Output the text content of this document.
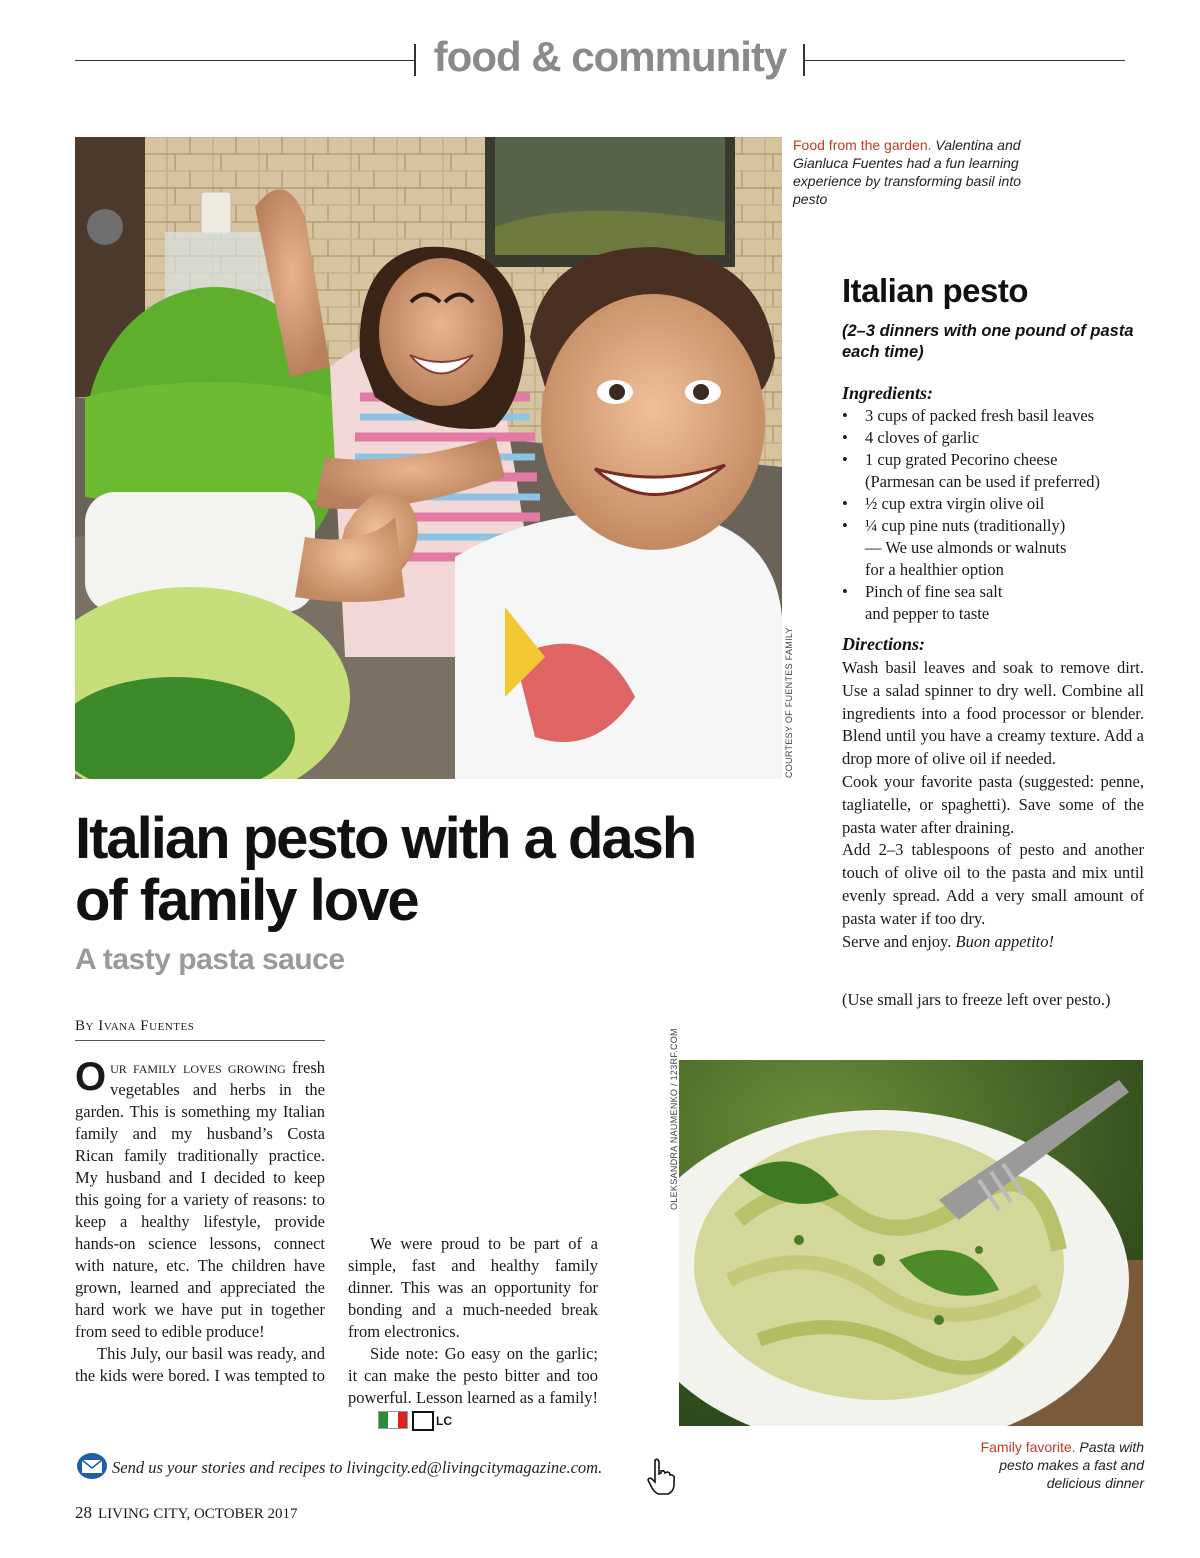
food & community
COURTESY OF FUENTES FAMILY
Food from the garden. Valentina and Gianluca Fuentes had a fun learning experience by transforming basil into pesto
Italian pesto
(2–3 dinners with one pound of pasta each time)
Ingredients:
• 3 cups of packed fresh basil leaves
• 4 cloves of garlic
• 1 cup grated Pecorino cheese
(Parmesan can be used if preferred)
• ½ cup extra virgin olive oil
• ¼ cup pine nuts (traditionally)
— We use almonds or walnuts
for a healthier option
• Pinch of fine sea salt
and pepper to taste
Directions:

Wash basil leaves and soak to remove dirt. Use a salad spinner to dry well. Combine all ingredients into a food processor or blender. Blend until you have a creamy texture. Add a drop more of olive oil if needed.

Cook your favorite pasta (suggested: penne, tagliatelle, or spaghetti). Save some of the pasta water after draining.

Add 2–3 tablespoons of pesto and another touch of olive oil to the pasta and mix until evenly spread. Add a very small amount of pasta water if too dry.

Serve and enjoy. Buon appetito!

(Use small jars to freeze left over pesto.)
Italian pesto with a dash of family love
A tasty pasta sauce
By Ivana Fuentes

Our family loves growing fresh vegetables and herbs in the garden. This is something my Italian family and my husband’s Costa Rican family traditionally practice. My husband and I decided to keep this going for a variety of reasons: to keep a healthy lifestyle, provide hands-on science lessons, connect with nature, etc. The children have grown, learned and appreciated the hard work we have put in together from seed to edible produce!

This July, our basil was ready, and the kids were bored. I was tempted to

We were proud to be part of a simple, fast and healthy family dinner. This was an opportunity for bonding and a much-needed break from electronics.

Side note: Go easy on the garlic; it can make the pesto bitter and too powerful. Lesson learned as a family!
LC

OLEKSANDRA NAUMENKO / 123RF.COM
Family favorite. Pasta with pesto makes a fast and delicious dinner
Send us your stories and recipes to livingcity.ed@livingcitymagazine.com.
28 LIVING CITY, OCTOBER 2017
